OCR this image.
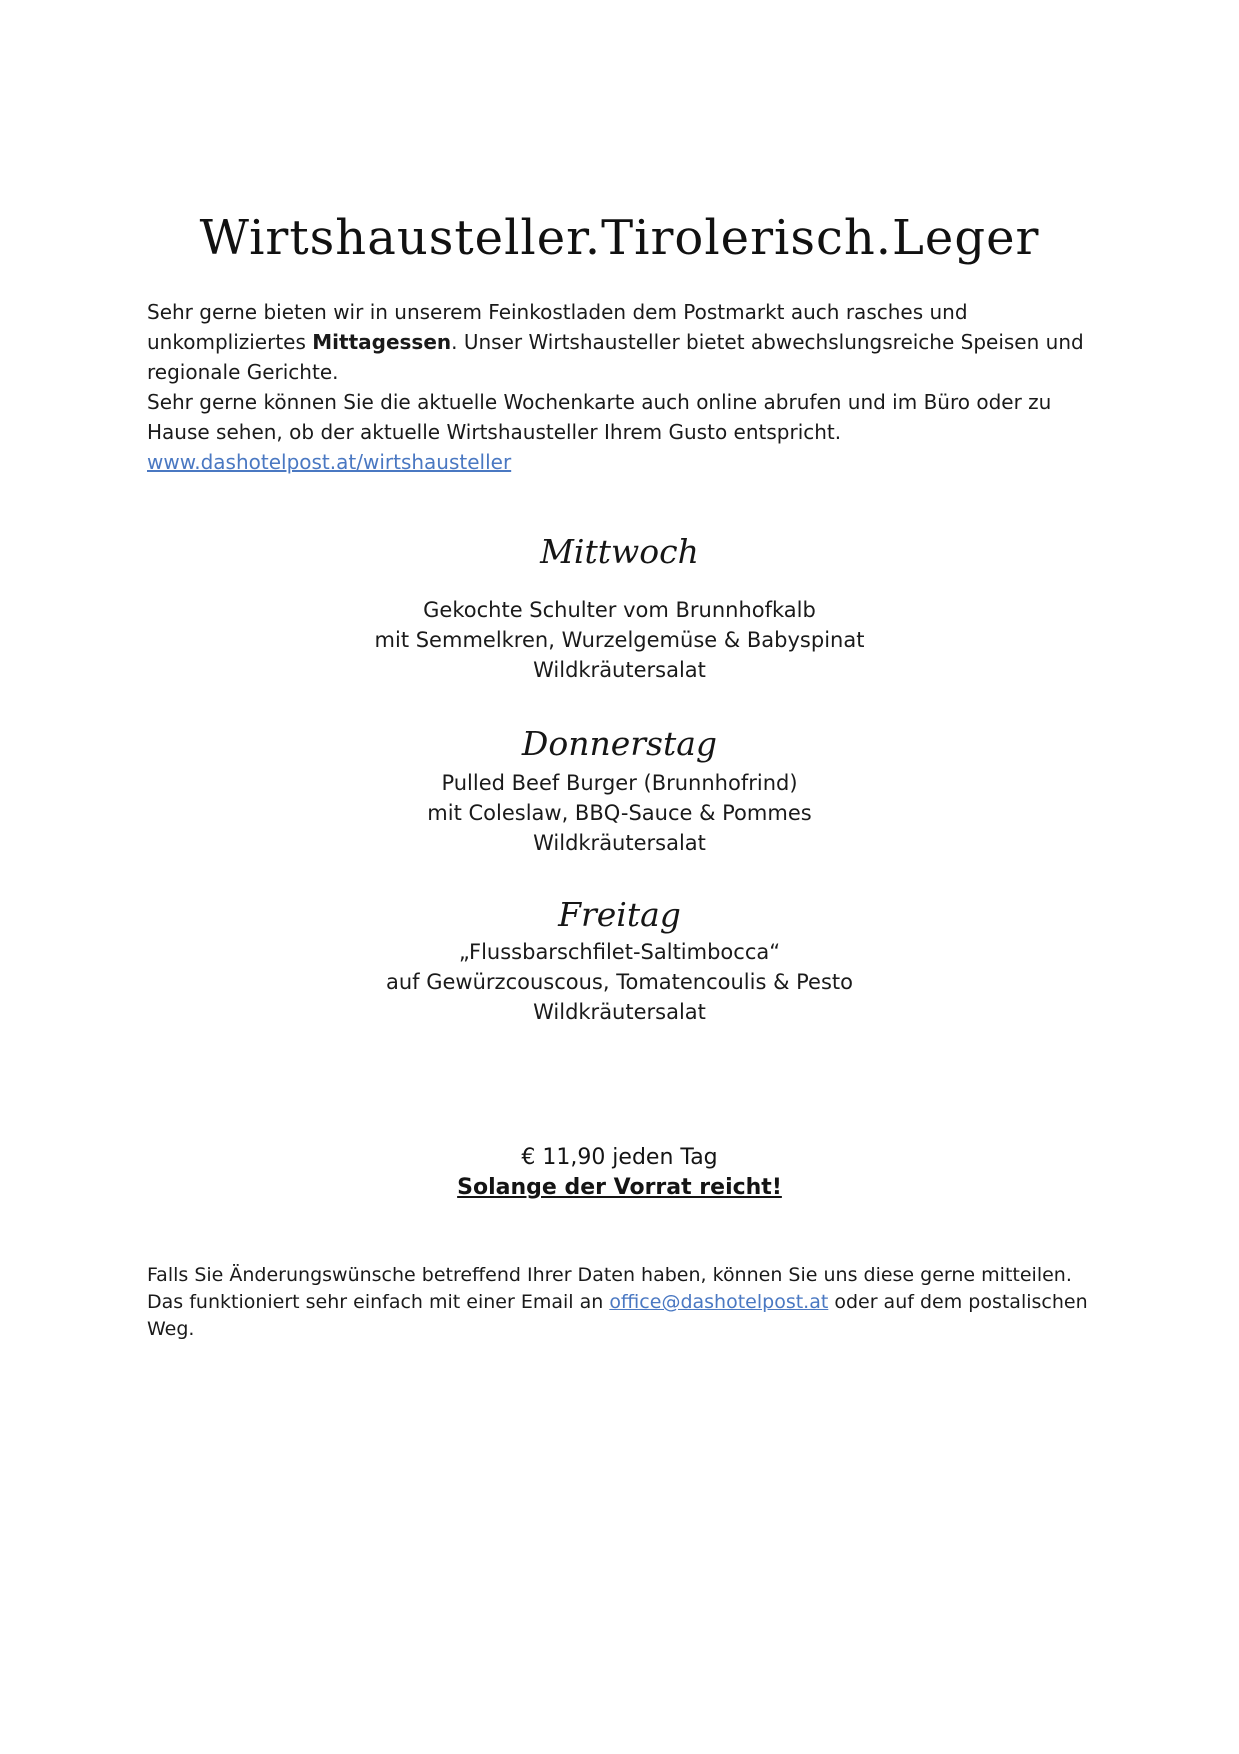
Wirtshausteller.Tirolerisch.Leger

Sehr gerne bieten wir in unserem Feinkostladen dem Postmarkt auch rasches und unkompliziertes Mittagessen. Unser Wirtshausteller bietet abwechslungsreiche Speisen und regionale Gerichte.

Sehr gerne können Sie die aktuelle Wochenkarte auch online abrufen und im Büro oder zu Hause sehen, ob der aktuelle Wirtshausteller Ihrem Gusto entspricht.

www.dashotelpost.at/wirtshausteller

Mittwoch

Gekochte Schulter vom Brunnhofkalb

mit Semmelkren, Wurzelgemüse & Babyspinat

Wildkräutersalat

Donnerstag

Pulled Beef Burger (Brunnhofrind)

mit Coleslaw, BBQ-Sauce & Pommes

Wildkräutersalat

Freitag

„Flussbarschfilet-Saltimbocca“

auf Gewürzcouscous, Tomatencoulis & Pesto

Wildkräutersalat

€ 11,90 jeden Tag

Solange der Vorrat reicht!

Falls Sie Änderungswünsche betreffend Ihrer Daten haben, können Sie uns diese gerne mitteilen.

Das funktioniert sehr einfach mit einer Email an office@dashotelpost.at oder auf dem postalischen Weg.
